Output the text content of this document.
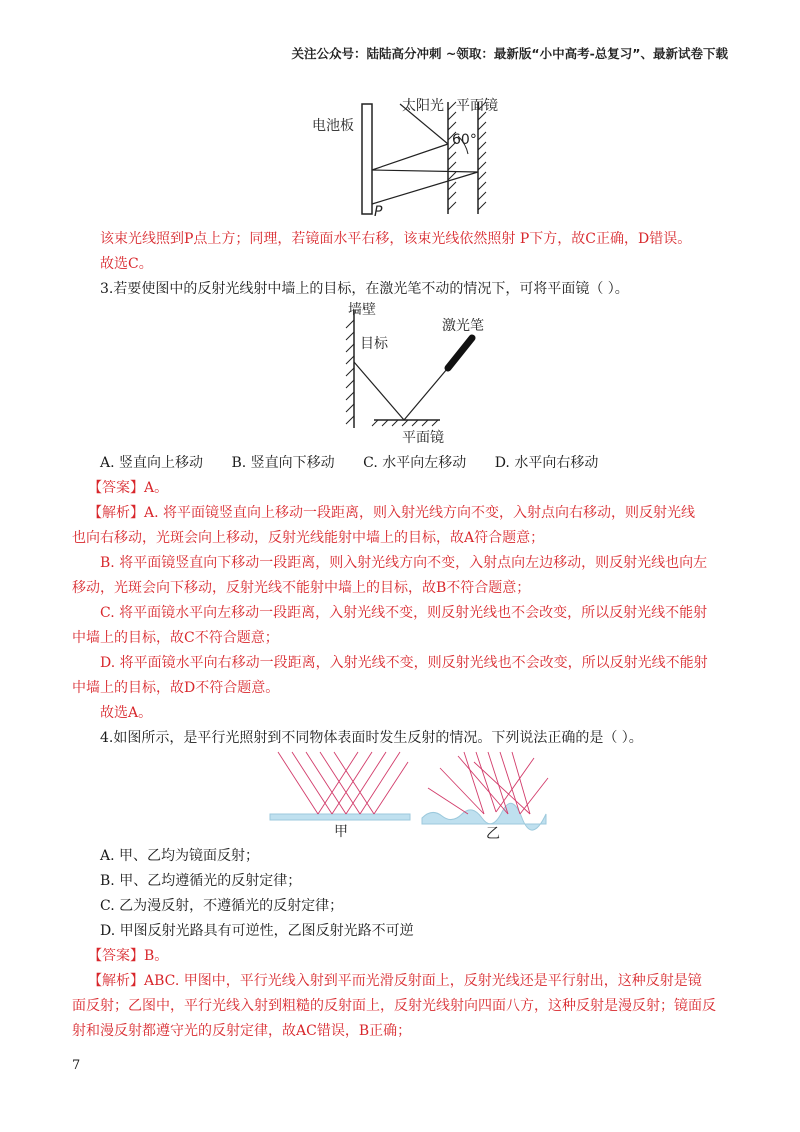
关注公众号：陆陆高分冲刺 ~领取：最新版“小中高考-总复习”、最新试卷下载
电池板
太阳光 平面镜
60°
P
该束光线照到P点上方；同理，若镜面水平右移，该束光线依然照射 P下方，故C正确，D错误。
故选C。
3.若要使图中的反射光线射中墙上的目标，在激光笔不动的情况下，可将平面镜（ ）。
墙壁
目标
激光笔
平面镜
A. 竖直向上移动 B. 竖直向下移动 C. 水平向左移动 D. 水平向右移动
【答案】A。
【解析】A. 将平面镜竖直向上移动一段距离，则入射光线方向不变，入射点向右移动，则反射光线
也向右移动，光斑会向上移动，反射光线能射中墙上的目标，故A符合题意；
B. 将平面镜竖直向下移动一段距离，则入射光线方向不变，入射点向左边移动，则反射光线也向左
移动，光斑会向下移动，反射光线不能射中墙上的目标，故B不符合题意；
C. 将平面镜水平向左移动一段距离，入射光线不变，则反射光线也不会改变，所以反射光线不能射
中墙上的目标，故C不符合题意；
D. 将平面镜水平向右移动一段距离，入射光线不变，则反射光线也不会改变，所以反射光线不能射
中墙上的目标，故D不符合题意。
故选A。
4.如图所示，是平行光照射到不同物体表面时发生反射的情况。下列说法正确的是（ ）。
甲	乙
A. 甲、乙均为镜面反射；
B. 甲、乙均遵循光的反射定律；
C. 乙为漫反射，不遵循光的反射定律；
D. 甲图反射光路具有可逆性，乙图反射光路不可逆
【答案】B。
【解析】ABC. 甲图中，平行光线入射到平而光滑反射面上，反射光线还是平行射出，这种反射是镜
面反射；乙图中，平行光线入射到粗糙的反射面上，反射光线射向四面八方，这种反射是漫反射；镜面反
射和漫反射都遵守光的反射定律，故AC错误，B正确；
7
